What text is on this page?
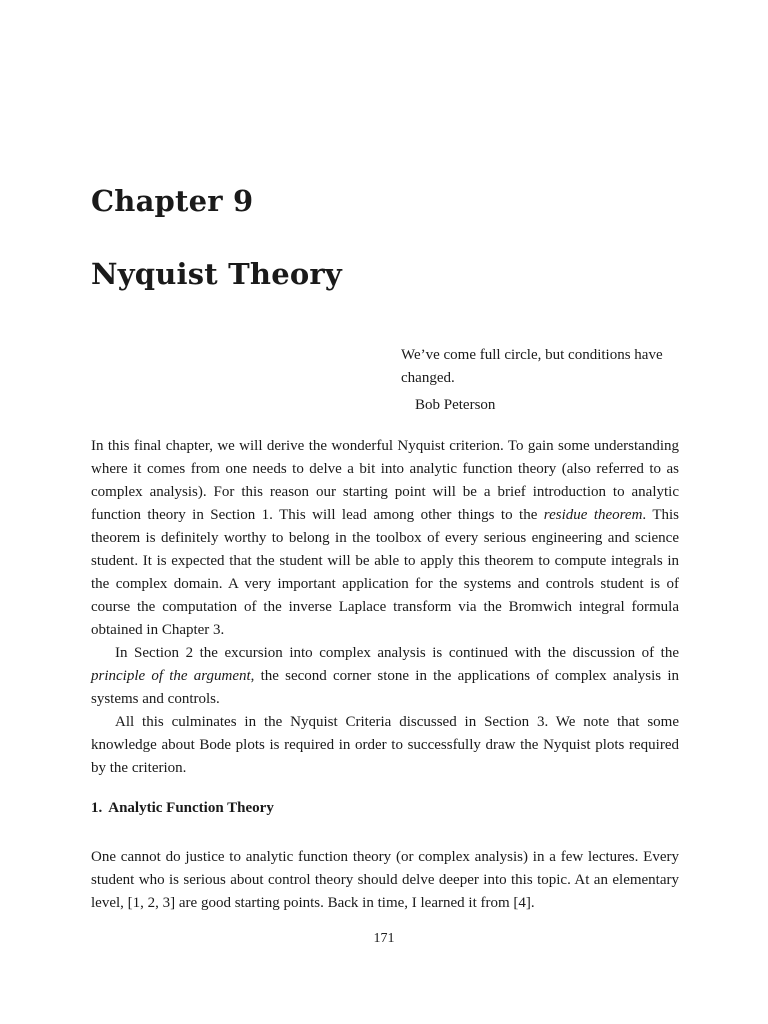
Chapter 9
Nyquist Theory

We’ve come full circle, but conditions have changed.

Bob Peterson

In this final chapter, we will derive the wonderful Nyquist criterion. To gain some understanding where it comes from one needs to delve a bit into analytic function theory (also referred to as complex analysis). For this reason our starting point will be a brief introduction to analytic function theory in Section 1. This will lead among other things to the residue theorem. This theorem is definitely worthy to belong in the toolbox of every serious engineering and science student. It is expected that the student will be able to apply this theorem to compute integrals in the complex domain. A very important application for the systems and controls student is of course the computation of the inverse Laplace transform via the Bromwich integral formula obtained in Chapter 3.

In Section 2 the excursion into complex analysis is continued with the discussion of the principle of the argument, the second corner stone in the applications of complex analysis in systems and controls.

All this culminates in the Nyquist Criteria discussed in Section 3. We note that some knowledge about Bode plots is required in order to successfully draw the Nyquist plots required by the criterion.

1. Analytic Function Theory

One cannot do justice to analytic function theory (or complex analysis) in a few lectures. Every student who is serious about control theory should delve deeper into this topic. At an elementary level, [1, 2, 3] are good starting points. Back in time, I learned it from [4].

171
